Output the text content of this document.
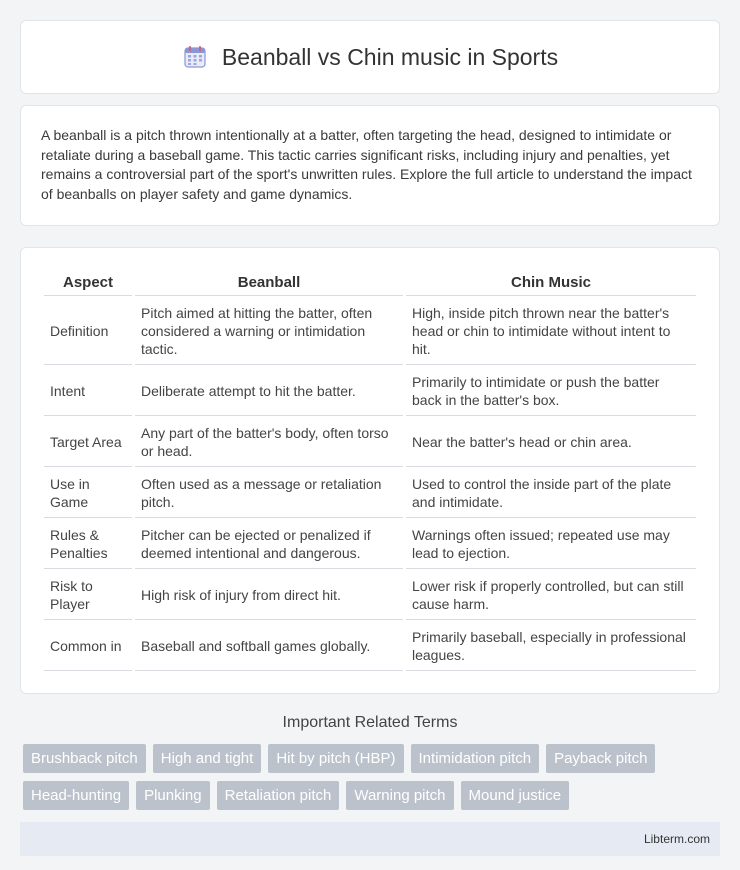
Beanball vs Chin music in Sports

A beanball is a pitch thrown intentionally at a batter, often targeting the head, designed to intimidate or retaliate during a baseball game. This tactic carries significant risks, including injury and penalties, yet remains a controversial part of the sport's unwritten rules. Explore the full article to understand the impact of beanballs on player safety and game dynamics.

Aspect	Beanball	Chin Music
Definition	Pitch aimed at hitting the batter, often considered a warning or intimidation tactic.	High, inside pitch thrown near the batter's head or chin to intimidate without intent to hit.
Intent	Deliberate attempt to hit the batter.	Primarily to intimidate or push the batter back in the batter's box.
Target Area	Any part of the batter's body, often torso or head.	Near the batter's head or chin area.
Use in Game	Often used as a message or retaliation pitch.	Used to control the inside part of the plate and intimidate.
Rules & Penalties	Pitcher can be ejected or penalized if deemed intentional and dangerous.	Warnings often issued; repeated use may lead to ejection.
Risk to Player	High risk of injury from direct hit.	Lower risk if properly controlled, but can still cause harm.
Common in	Baseball and softball games globally.	Primarily baseball, especially in professional leagues.
Important Related Terms
Brushback pitch	High and tight	Hit by pitch (HBP)	Intimidation pitch	Payback pitch
Head-hunting	Plunking	Retaliation pitch	Warning pitch	Mound justice
Libterm.com
